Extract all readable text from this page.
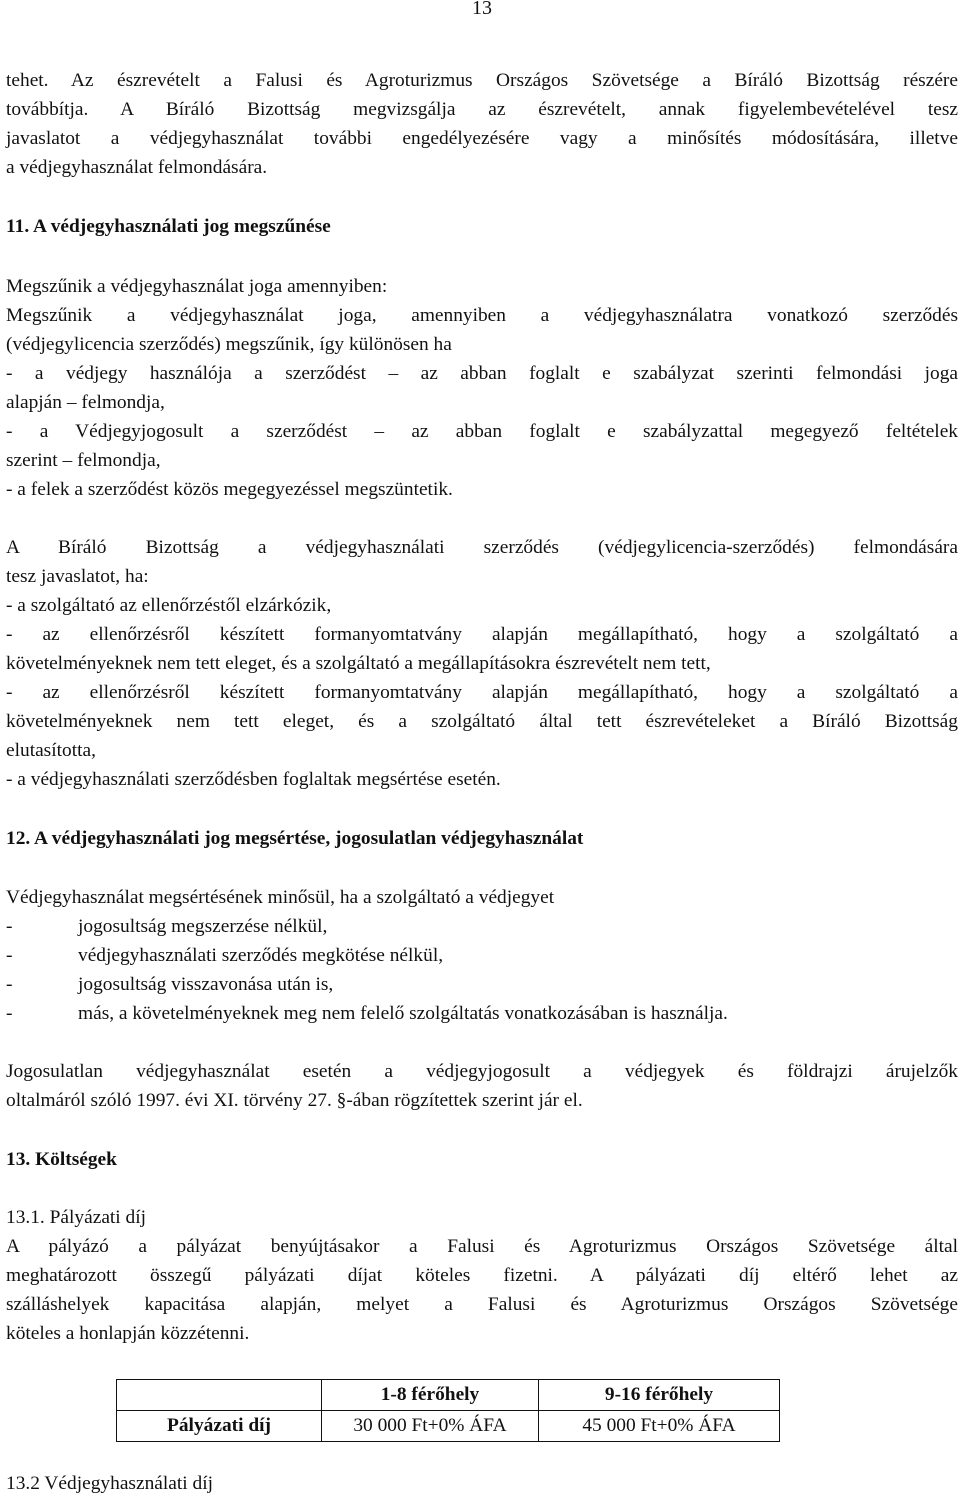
13
tehet. Az észrevételt a Falusi és Agroturizmus Országos Szövetsége a Bíráló Bizottság részére
továbbítja. A Bíráló Bizottság megvizsgálja az észrevételt, annak figyelembevételével tesz
javaslatot a védjegyhasználat további engedélyezésére vagy a minősítés módosítására, illetve
a védjegyhasználat felmondására.
11. A védjegyhasználati jog megszűnése
Megszűnik a védjegyhasználat joga amennyiben:
Megszűnik a védjegyhasználat joga, amennyiben a védjegyhasználatra vonatkozó szerződés
(védjegylicencia szerződés) megszűnik, így különösen ha
- a védjegy használója a szerződést – az abban foglalt e szabályzat szerinti felmondási joga
alapján – felmondja,
- a Védjegyjogosult a szerződést – az abban foglalt e szabályzattal megegyező feltételek
szerint – felmondja,
- a felek a szerződést közös megegyezéssel megszüntetik.
A Bíráló Bizottság a védjegyhasználati szerződés (védjegylicencia-szerződés) felmondására
tesz javaslatot, ha:
- a szolgáltató az ellenőrzéstől elzárkózik,
- az ellenőrzésről készített formanyomtatvány alapján megállapítható, hogy a szolgáltató a
követelményeknek nem tett eleget, és a szolgáltató a megállapításokra észrevételt nem tett,
- az ellenőrzésről készített formanyomtatvány alapján megállapítható, hogy a szolgáltató a
követelményeknek nem tett eleget, és a szolgáltató által tett észrevételeket a Bíráló Bizottság
elutasította,
- a védjegyhasználati szerződésben foglaltak megsértése esetén.
12. A védjegyhasználati jog megsértése, jogosulatlan védjegyhasználat
Védjegyhasználat megsértésének minősül, ha a szolgáltató a védjegyet
-	jogosultság megszerzése nélkül,
-	védjegyhasználati szerződés megkötése nélkül,
-	jogosultság visszavonása után is,
-	más, a követelményeknek meg nem felelő szolgáltatás vonatkozásában is használja.
Jogosulatlan védjegyhasználat esetén a védjegyjogosult a védjegyek és földrajzi árujelzők
oltalmáról szóló 1997. évi XI. törvény 27. §-ában rögzítettek szerint jár el.
13. Költségek
13.1. Pályázati díj
A pályázó a pályázat benyújtásakor a Falusi és Agroturizmus Országos Szövetsége által
meghatározott összegű pályázati díjat köteles fizetni. A pályázati díj eltérő lehet az
szálláshelyek kapacitása alapján, melyet a Falusi és Agroturizmus Országos Szövetsége
köteles a honlapján közzétenni.
	1-8 férőhely	9-16 férőhely
Pályázati díj	30 000 Ft+0% ÁFA	45 000 Ft+0% ÁFA
13.2 Védjegyhasználati díj
